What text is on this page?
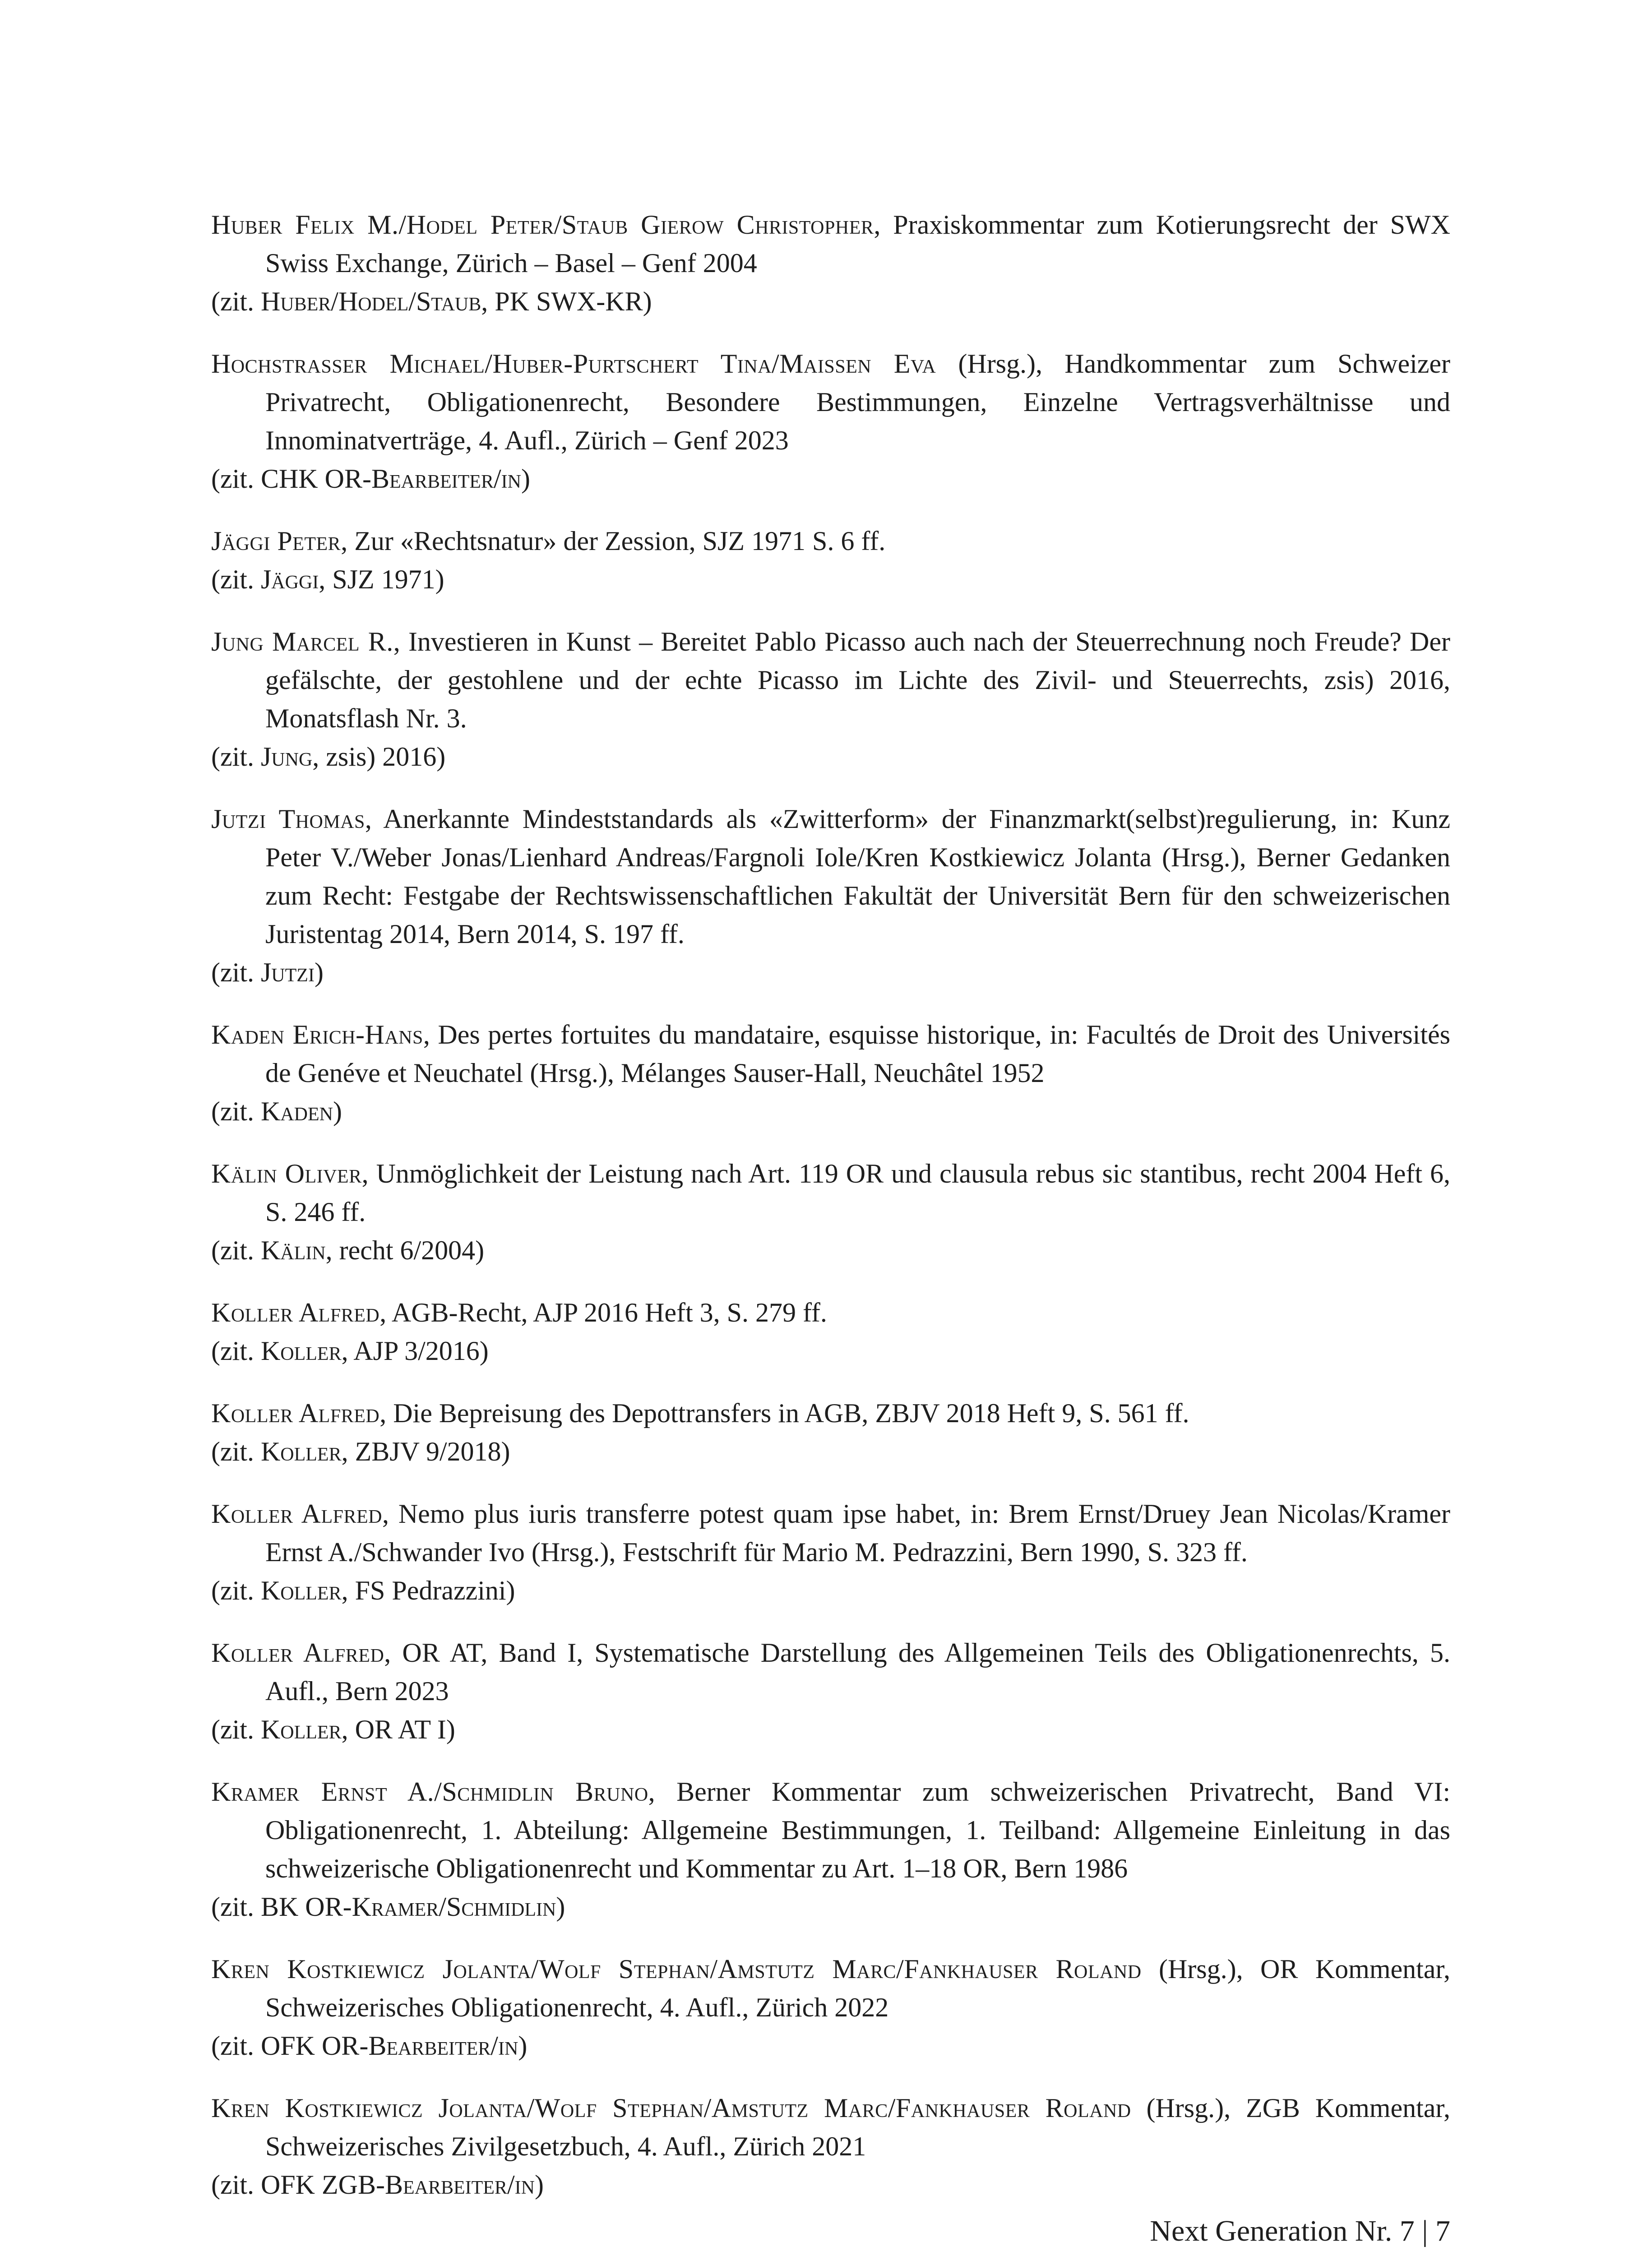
Huber Felix M./Hodel Peter/Staub Gierow Christopher, Praxiskommentar zum Kotierungsrecht der SWX Swiss Exchange, Zürich – Basel – Genf 2004
(zit. Huber/Hodel/Staub, PK SWX-KR)
Hochstrasser Michael/Huber-Purtschert Tina/Maissen Eva (Hrsg.), Handkommentar zum Schweizer Privatrecht, Obligationenrecht, Besondere Bestimmungen, Einzelne Vertragsverhältnisse und Innominatverträge, 4. Aufl., Zürich – Genf 2023
(zit. CHK OR-Bearbeiter/in)
Jäggi Peter, Zur «Rechtsnatur» der Zession, SJZ 1971 S. 6 ff.
(zit. Jäggi, SJZ 1971)
Jung Marcel R., Investieren in Kunst – Bereitet Pablo Picasso auch nach der Steuerrechnung noch Freude? Der gefälschte, der gestohlene und der echte Picasso im Lichte des Zivil- und Steuerrechts, zsis) 2016, Monatsflash Nr. 3.
(zit. Jung, zsis) 2016)
Jutzi Thomas, Anerkannte Mindeststandards als «Zwitterform» der Finanzmarkt(selbst)regulierung, in: Kunz Peter V./Weber Jonas/Lienhard Andreas/Fargnoli Iole/Kren Kostkiewicz Jolanta (Hrsg.), Berner Gedanken zum Recht: Festgabe der Rechtswissenschaftlichen Fakultät der Universität Bern für den schweizerischen Juristentag 2014, Bern 2014, S. 197 ff.
(zit. Jutzi)
Kaden Erich-Hans, Des pertes fortuites du mandataire, esquisse historique, in: Facultés de Droit des Universités de Genéve et Neuchatel (Hrsg.), Mélanges Sauser-Hall, Neuchâtel 1952
(zit. Kaden)
Kälin Oliver, Unmöglichkeit der Leistung nach Art. 119 OR und clausula rebus sic stantibus, recht 2004 Heft 6, S. 246 ff.
(zit. Kälin, recht 6/2004)
Koller Alfred, AGB-Recht, AJP 2016 Heft 3, S. 279 ff.
(zit. Koller, AJP 3/2016)
Koller Alfred, Die Bepreisung des Depottransfers in AGB, ZBJV 2018 Heft 9, S. 561 ff.
(zit. Koller, ZBJV 9/2018)
Koller Alfred, Nemo plus iuris transferre potest quam ipse habet, in: Brem Ernst/Druey Jean Nicolas/Kramer Ernst A./Schwander Ivo (Hrsg.), Festschrift für Mario M. Pedrazzini, Bern 1990, S. 323 ff.
(zit. Koller, FS Pedrazzini)
Koller Alfred, OR AT, Band I, Systematische Darstellung des Allgemeinen Teils des Obligationenrechts, 5. Aufl., Bern 2023
(zit. Koller, OR AT I)
Kramer Ernst A./Schmidlin Bruno, Berner Kommentar zum schweizerischen Privatrecht, Band VI: Obligationenrecht, 1. Abteilung: Allgemeine Bestimmungen, 1. Teilband: Allgemeine Einleitung in das schweizerische Obligationenrecht und Kommentar zu Art. 1–18 OR, Bern 1986
(zit. BK OR-Kramer/Schmidlin)
Kren Kostkiewicz Jolanta/Wolf Stephan/Amstutz Marc/Fankhauser Roland (Hrsg.), OR Kommentar, Schweizerisches Obligationenrecht, 4. Aufl., Zürich 2022
(zit. OFK OR-Bearbeiter/in)
Kren Kostkiewicz Jolanta/Wolf Stephan/Amstutz Marc/Fankhauser Roland (Hrsg.), ZGB Kommentar, Schweizerisches Zivilgesetzbuch, 4. Aufl., Zürich 2021
(zit. OFK ZGB-Bearbeiter/in)
Next Generation Nr. 7 | 7
